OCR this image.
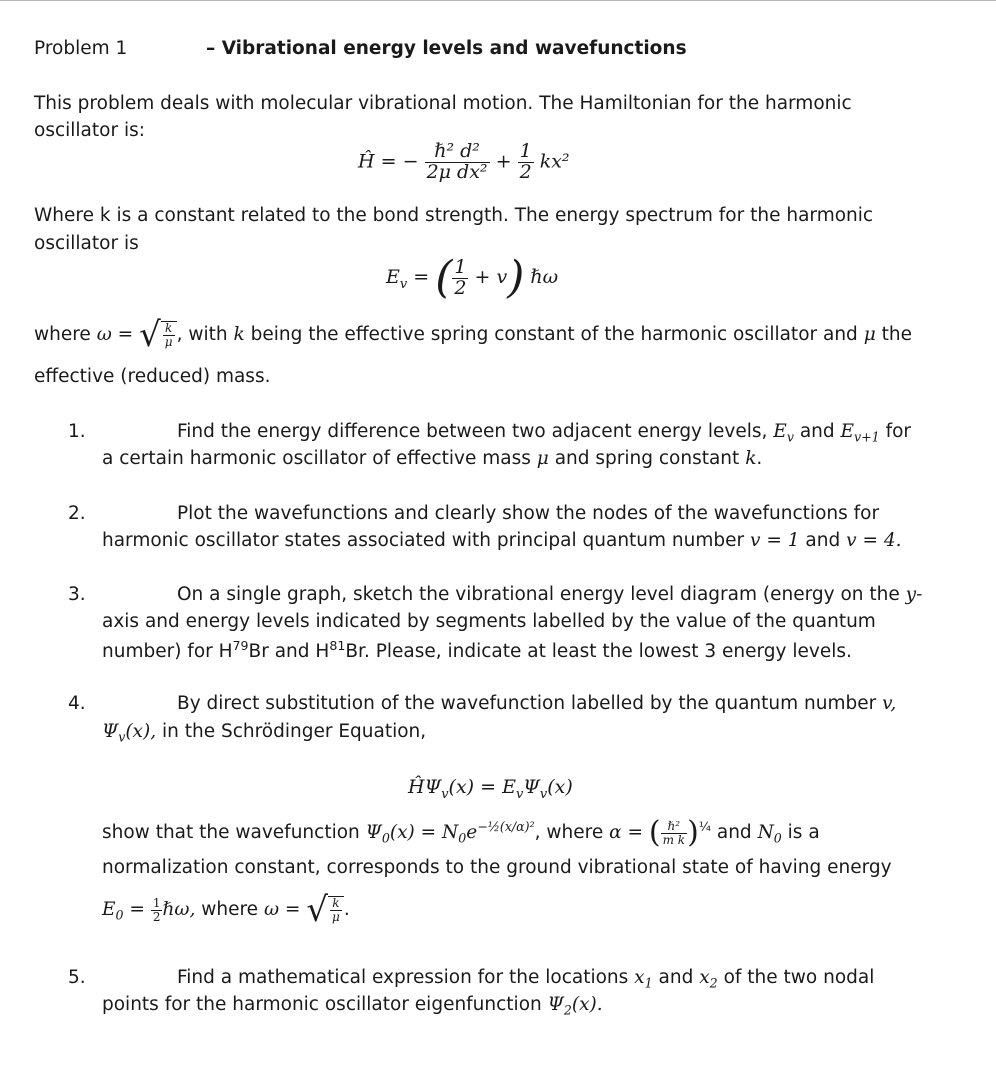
Problem 1	– Vibrational energy levels and wavefunctions
This problem deals with molecular vibrational motion. The Hamiltonian for the harmonic
oscillator is:
Ĥ = − $\frac{\text{ℏ² d²}}{\text{2μ dx²}} + \frac{1}{2} kx^2$
Where k is a constant related to the bond strength. The energy spectrum for the harmonic
oscillator is
$E_v$ = ( $\frac{1}{2} + v$) ℏω
where ω = √ $\frac{k}{\mu}$ , with k being the effective spring constant of the harmonic oscillator and μ the
effective (reduced) mass.
1.	Find the energy difference between two adjacent energy levels, $E_v$ and $E_{v+1}$ for
a certain harmonic oscillator of effective mass μ and spring constant k.
2.	Plot the wavefunctions and clearly show the nodes of the wavefunctions for
harmonic oscillator states associated with principal quantum number v = 1 and v = 4.
3.	On a single graph, sketch the vibrational energy level diagram (energy on the y-
axis and energy levels indicated by segments labelled by the value of the quantum
number) for $H^{79}Br$ and $H^{81}Br$. Please, indicate at least the lowest 3 energy levels.
4.	By direct substitution of the wavefunction labelled by the quantum number v,
$\Psi_v(x)$, in the Schrödinger Equation,
$Ĥ\Psi_v(x) = E_v\Psi_v(x)$
show that the wavefunction $\Psi_0(x) = N_0e^{-\frac{1}{2}(x/\alpha)^2}$, where α = ( $\frac{\text{ℏ²}}{\text{m k}} )^{\frac{1}{4}}$ and $N_0$ is a
normalization constant, corresponds to the ground vibrational state of having energy
$E_0 = \frac{1}{2}$ ℏω, where ω = √ $\frac{k}{\mu}$ .
5.	Find a mathematical expression for the locations $x_1$ and $x_2$ of the two nodal
points for the harmonic oscillator eigenfunction $\Psi_2(x)$.
